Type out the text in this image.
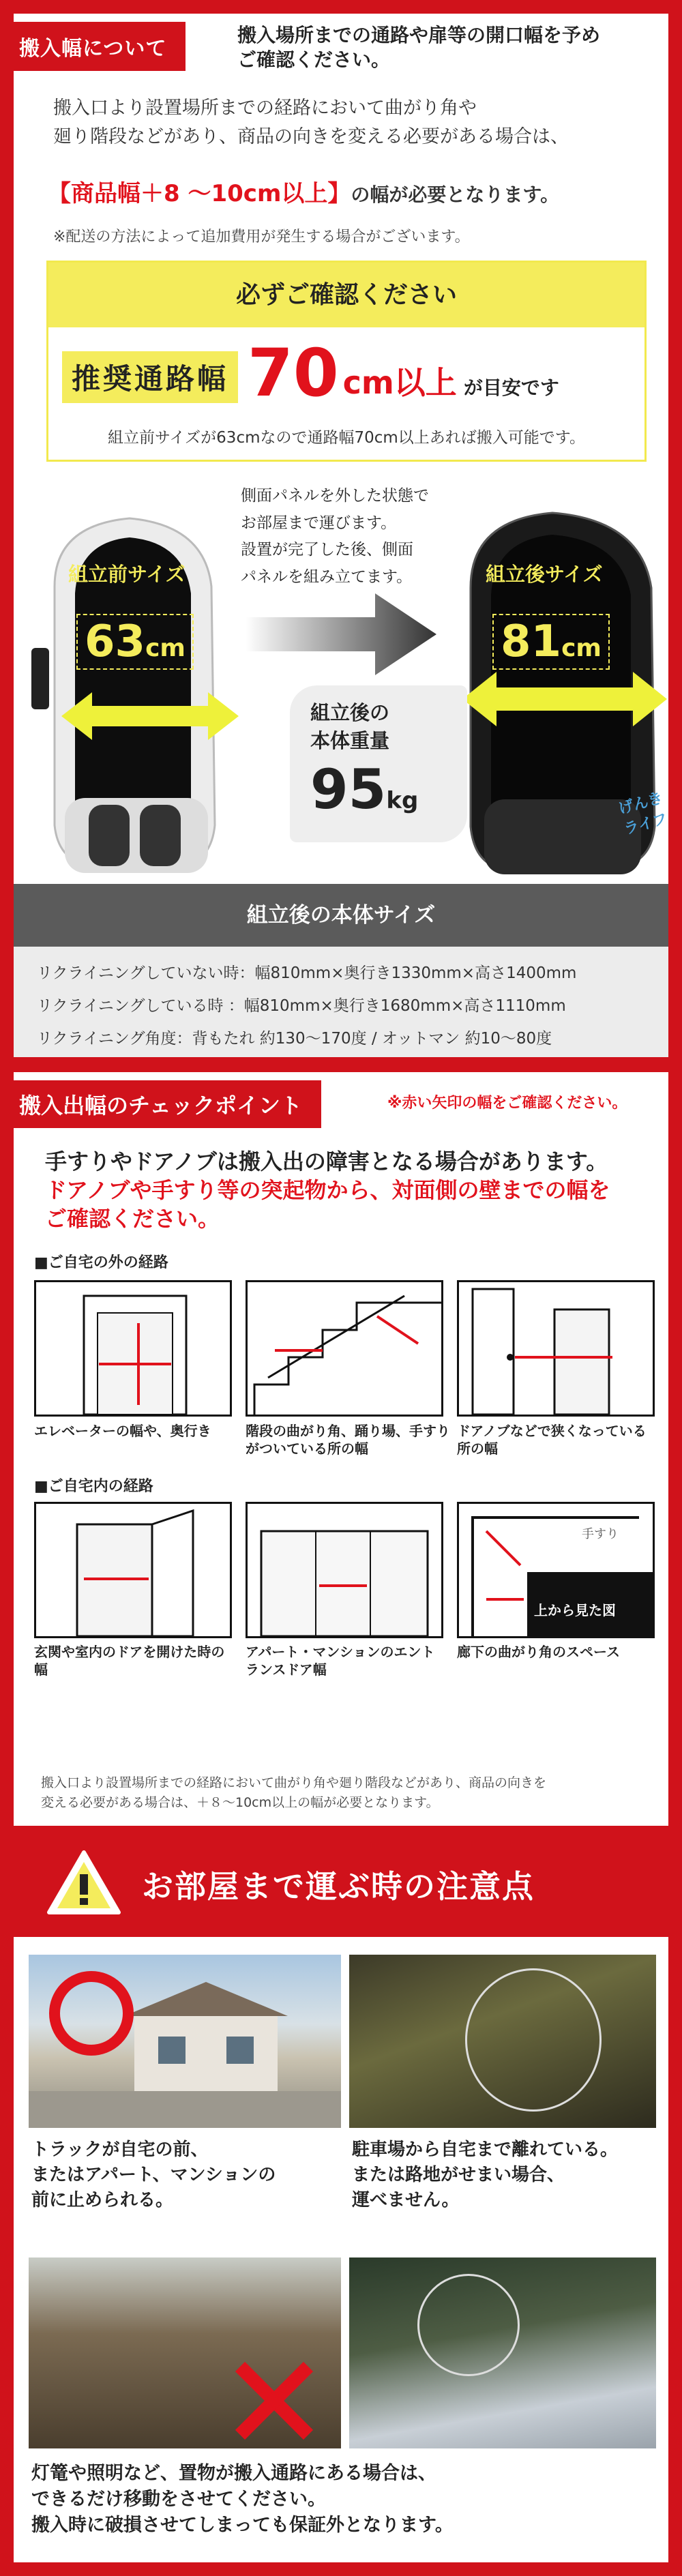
搬入幅について
搬入場所までの通路や扉等の開口幅を予め
ご確認ください。
搬入口より設置場所までの経路において曲がり角や
廻り階段などがあり、商品の向きを変える必要がある場合は、
【商品幅＋8 ～10cm以上】の幅が必要となります。
※配送の方法によって追加費用が発生する場合がございます。
必ずご確認ください
推奨通路幅 70 cm以上 が目安です
組立前サイズが63cmなので通路幅70cm以上あれば搬入可能です。
組立前サイズ
63cm
側面パネルを外した状態で
お部屋まで運びます。
設置が完了した後、側面
パネルを組み立てます。	組立後サイズ
81cm
組立後の
本体重量
95kg	げんきライフ
組立後の本体サイズ
リクライニングしていない時：幅810mm×奥行き1330mm×高さ1400mm
リクライニングしている時 ：幅810mm×奥行き1680mm×高さ1110mm
リクライニング角度：背もたれ 約130～170度 / オットマン 約10～80度
搬入出幅のチェックポイント	※赤い矢印の幅をご確認ください。
手すりやドアノブは搬入出の障害となる場合があります。
ドアノブや手すり等の突起物から、対面側の壁までの幅を
ご確認ください。
■ご自宅の外の経路
エレベーターの幅や、奥行き	階段の曲がり角、踊り場、手すりがついている所の幅
ドアノブなどで狭くなっている所の幅
■ご自宅内の経路
手すり
上から見た図
玄関や室内のドアを開けた時の幅
アパート・マンションのエントランスドア幅
廊下の曲がり角のスペース
搬入口より設置場所までの経路において曲がり角や廻り階段などがあり、商品の向きを
変える必要がある場合は、＋８～10cm以上の幅が必要となります。
お部屋まで運ぶ時の注意点
トラックが自宅の前、
またはアパート、マンションの
前に止められる。
駐車場から自宅まで離れている。
または路地がせまい場合、
運べません。
灯篭や照明など、置物が搬入通路にある場合は、
できるだけ移動をさせてください。
搬入時に破損させてしまっても保証外となります。
